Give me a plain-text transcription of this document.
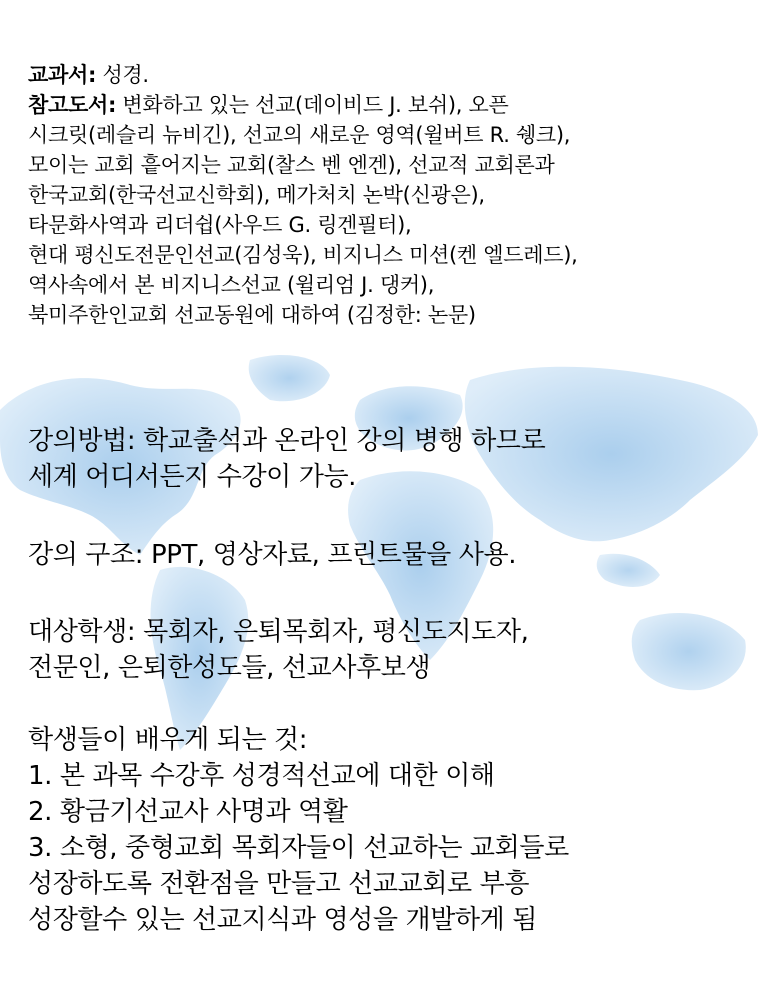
교과서: 성경.

참고도서: 변화하고 있는 선교(데이비드 J. 보쉬), 오픈

시크릿(레슬리 뉴비긴), 선교의 새로운 영역(윌버트 R. 쉥크),

모이는 교회 흩어지는 교회(찰스 벤 엔겐), 선교적 교회론과

한국교회(한국선교신학회), 메가처치 논박(신광은),

타문화사역과 리더쉽(사우드 G. 링겐필터),

현대 평신도전문인선교(김성욱), 비지니스 미션(켄 엘드레드),

역사속에서 본 비지니스선교 (윌리엄 J. 댕커),

북미주한인교회 선교동원에 대하여 (김정한: 논문)

강의방법: 학교출석과 온라인 강의 병행 하므로

세계 어디서든지 수강이 가능.

강의 구조: PPT, 영상자료, 프린트물을 사용.

대상학생: 목회자, 은퇴목회자, 평신도지도자,

전문인, 은퇴한성도들, 선교사후보생

학생들이 배우게 되는 것:

1. 본 과목 수강후 성경적선교에 대한 이해

2. 황금기선교사 사명과 역활

3. 소형, 중형교회 목회자들이 선교하는 교회들로

성장하도록 전환점을 만들고 선교교회로 부흥

성장할수 있는 선교지식과 영성을 개발하게 됨
